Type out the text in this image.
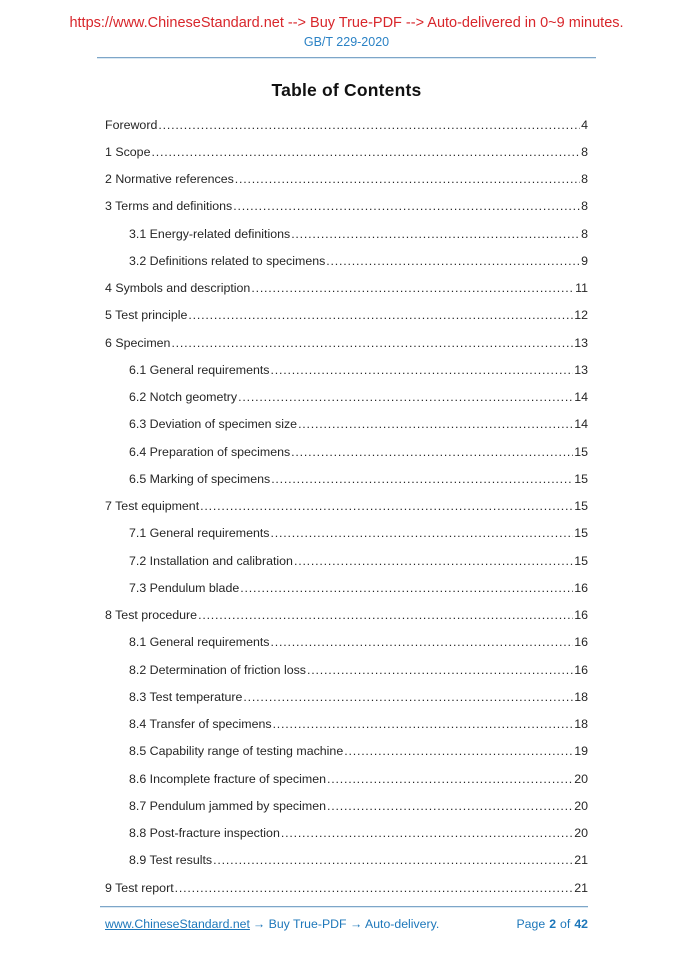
https://www.ChineseStandard.net --> Buy True-PDF --> Auto-delivered in 0~9 minutes.
GB/T 229-2020
Table of Contents
Foreword .....	4
1 Scope .....	8
2 Normative references .....	8
3 Terms and definitions .....	8
3.1 Energy-related definitions .....	8
3.2 Definitions related to specimens .....	9
4 Symbols and description .....	11
5 Test principle .....	12
6 Specimen .....	13
6.1 General requirements .....	13
6.2 Notch geometry .....	14
6.3 Deviation of specimen size .....	14
6.4 Preparation of specimens .....	15
6.5 Marking of specimens .....	15
7 Test equipment .....	15
7.1 General requirements .....	15
7.2 Installation and calibration .....	15
7.3 Pendulum blade .....	16
8 Test procedure .....	16
8.1 General requirements .....	16
8.2 Determination of friction loss .....	16
8.3 Test temperature .....	18
8.4 Transfer of specimens .....	18
8.5 Capability range of testing machine .....	19
8.6 Incomplete fracture of specimen .....	20
8.7 Pendulum jammed by specimen .....	20
8.8 Post-fracture inspection .....	20
8.9 Test results .....	21
9 Test report .....	21
www.ChineseStandard.net → Buy True-PDF → Auto-delivery.	Page 2 of 42
